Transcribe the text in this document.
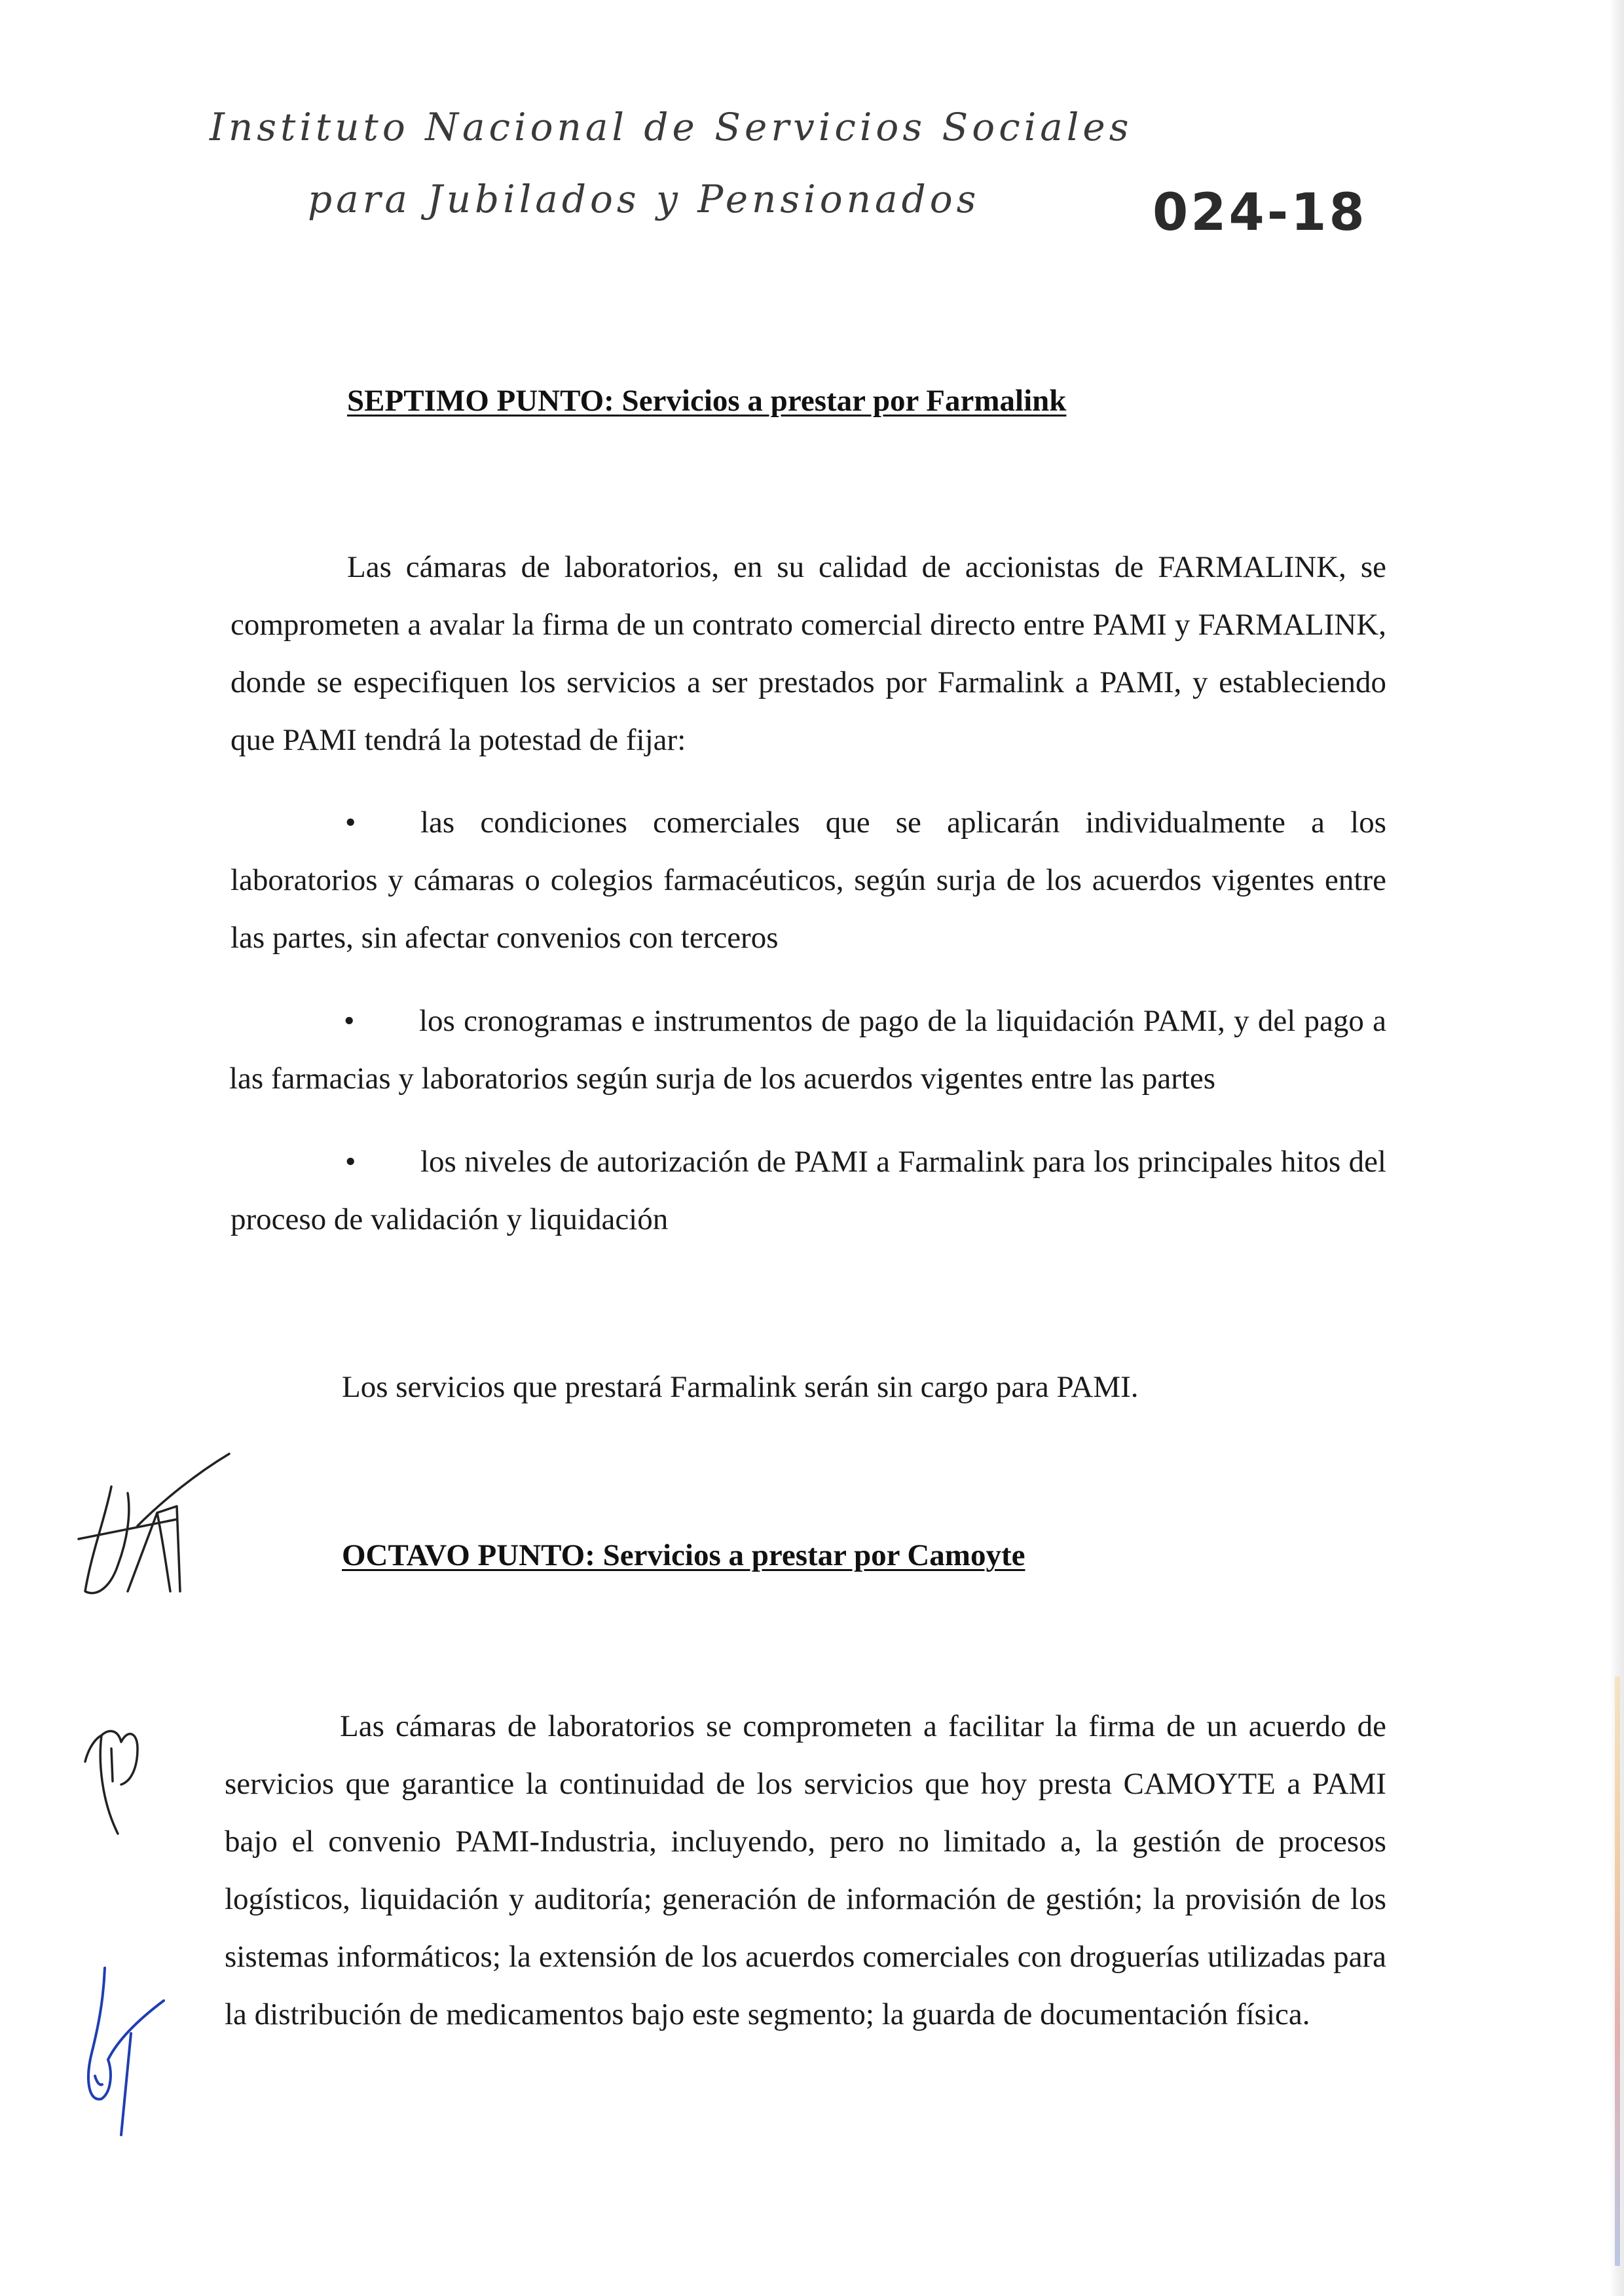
Instituto Nacional de Servicios Sociales
para Jubilados y Pensionados	024-18
SEPTIMO PUNTO: Servicios a prestar por Farmalink
Las cámaras de laboratorios, en su calidad de accionistas de FARMALINK, se comprometen a avalar la firma de un contrato comercial directo entre PAMI y FARMALINK, donde se especifiquen los servicios a ser prestados por Farmalink a PAMI, y estableciendo que PAMI tendrá la potestad de fijar:
•	las condiciones comerciales que se aplicarán individualmente a los laboratorios y cámaras o colegios farmacéuticos, según surja de los acuerdos vigentes entre las partes, sin afectar convenios con terceros
•	los cronogramas e instrumentos de pago de la liquidación PAMI, y del pago a las farmacias y laboratorios según surja de los acuerdos vigentes entre las partes
•	los niveles de autorización de PAMI a Farmalink para los principales hitos del proceso de validación y liquidación
Los servicios que prestará Farmalink serán sin cargo para PAMI.
OCTAVO PUNTO: Servicios a prestar por Camoyte
Las cámaras de laboratorios se comprometen a facilitar la firma de un acuerdo de servicios que garantice la continuidad de los servicios que hoy presta CAMOYTE a PAMI bajo el convenio PAMI-Industria, incluyendo, pero no limitado a, la gestión de procesos logísticos, liquidación y auditoría; generación de información de gestión; la provisión de los sistemas informáticos; la extensión de los acuerdos comerciales con droguerías utilizadas para la distribución de medicamentos bajo este segmento; la guarda de documentación física.
